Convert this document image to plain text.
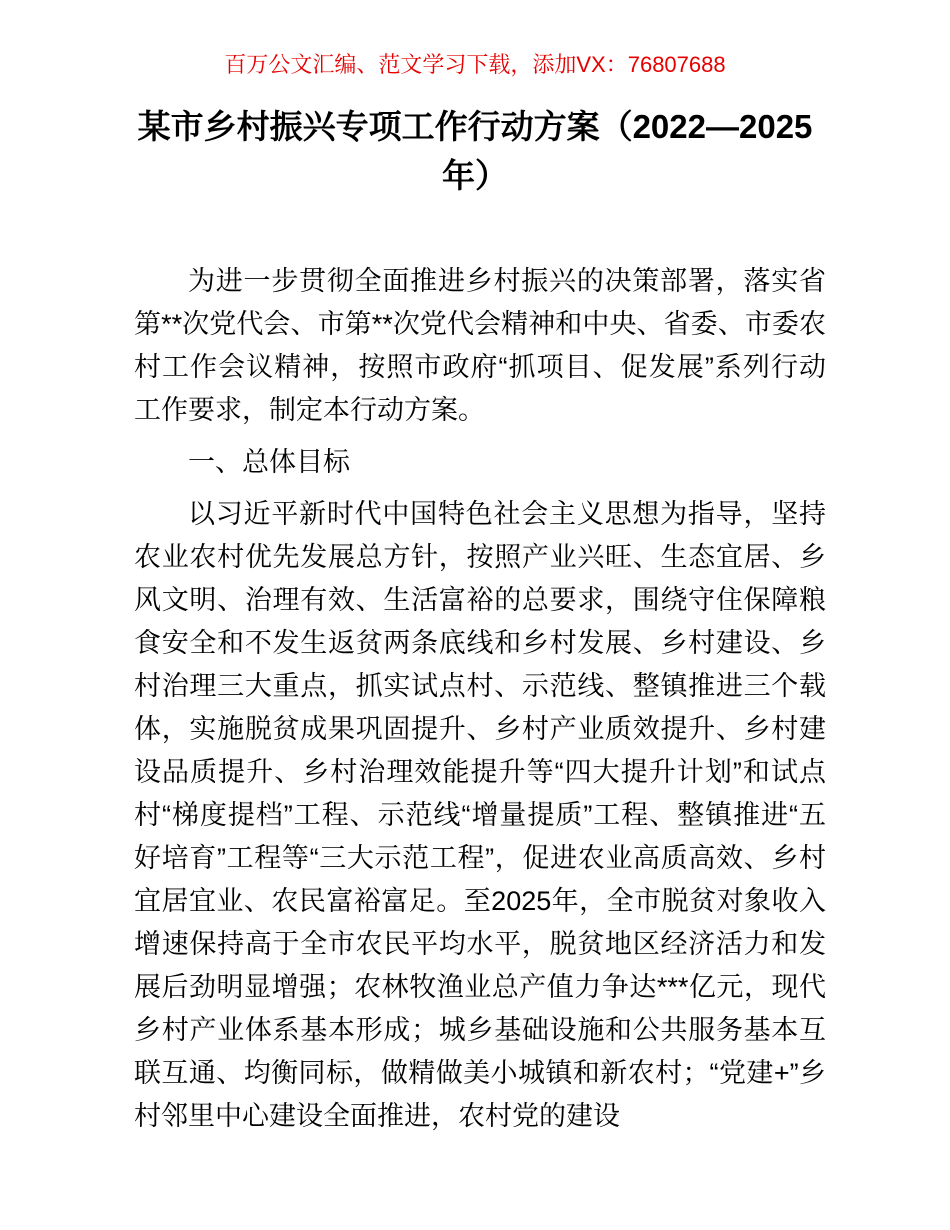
百万公文汇编、范文学习下载，添加VX：76807688
某市乡村振兴专项工作行动方案（2022—2025年）

为进一步贯彻全面推进乡村振兴的决策部署，落实省第**次党代会、市第**次党代会精神和中央、省委、市委农村工作会议精神，按照市政府“抓项目、促发展”系列行动工作要求，制定本行动方案。

一、总体目标

以习近平新时代中国特色社会主义思想为指导，坚持农业农村优先发展总方针，按照产业兴旺、生态宜居、乡风文明、治理有效、生活富裕的总要求，围绕守住保障粮食安全和不发生返贫两条底线和乡村发展、乡村建设、乡村治理三大重点，抓实试点村、示范线、整镇推进三个载体，实施脱贫成果巩固提升、乡村产业质效提升、乡村建设品质提升、乡村治理效能提升等“四大提升计划”和试点村“梯度提档”工程、示范线“增量提质”工程、整镇推进“五好培育”工程等“三大示范工程”，促进农业高质高效、乡村宜居宜业、农民富裕富足。至2025年，全市脱贫对象收入增速保持高于全市农民平均水平，脱贫地区经济活力和发展后劲明显增强；农林牧渔业总产值力争达***亿元，现代乡村产业体系基本形成；城乡基础设施和公共服务基本互联互通、均衡同标，做精做美小城镇和新农村；“党建+”乡村邻里中心建设全面推进，农村党的建设
